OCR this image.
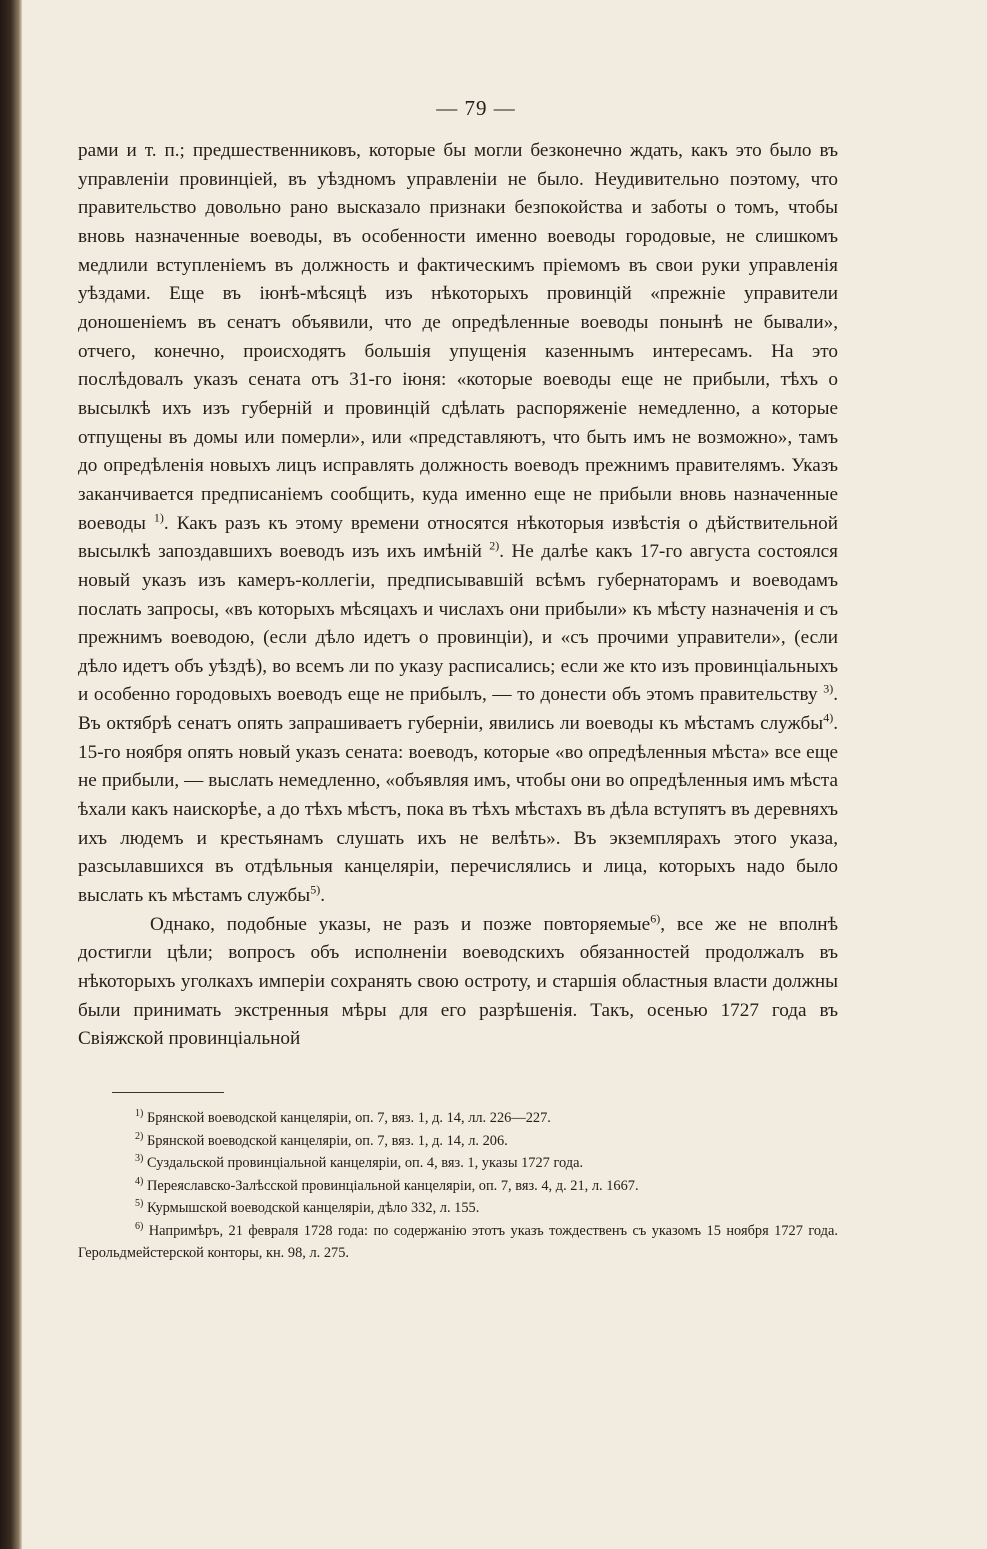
— 79 —

рами и т. п.; предшественниковъ, которые бы могли безконечно ждать, какъ это было въ управленіи провинціей, въ уѣздномъ управленіи не было. Неудивительно поэтому, что правительство довольно рано высказало признаки безпокойства и заботы о томъ, чтобы вновь назначенные воеводы, въ особенности именно воеводы городовые, не слишкомъ медлили вступленіемъ въ должность и фактическимъ пріемомъ въ свои руки управленія уѣздами. Еще въ іюнѣ-мѣсяцѣ изъ нѣкоторыхъ провинцій «прежніе управители доношеніемъ въ сенатъ объявили, что де опредѣленные воеводы понынѣ не бывали», отчего, конечно, происходятъ большія упущенія казеннымъ интересамъ. На это послѣдовалъ указъ сената отъ 31-го іюня: «которые воеводы еще не прибыли, тѣхъ о высылкѣ ихъ изъ губерній и провинцій сдѣлать распоряженіе немедленно, а которые отпущены въ домы или померли», или «представляютъ, что быть имъ не возможно», тамъ до опредѣленія новыхъ лицъ исправлять должность воеводъ прежнимъ правителямъ. Указъ заканчивается предписаніемъ сообщить, куда именно еще не прибыли вновь назначенные воеводы $^{1)}$. Какъ разъ къ этому времени относятся нѣкоторыя извѣстія о дѣйствительной высылкѣ запоздавшихъ воеводъ изъ ихъ имѣній $^{2)}$. Не далѣе какъ 17-го августа состоялся новый указъ изъ камеръ-коллегіи, предписывавшій всѣмъ губернаторамъ и воеводамъ послать запросы, «въ которыхъ мѣсяцахъ и числахъ они прибыли» къ мѣсту назначенія и съ прежнимъ воеводою, (если дѣло идетъ о провинціи), и «съ прочими управители», (если дѣло идетъ объ уѣздѣ), во всемъ ли по указу расписались; если же кто изъ провинціальныхъ и особенно городовыхъ воеводъ еще не прибылъ, — то донести объ этомъ правительству $^{3)}$. Въ октябрѣ сенатъ опять запрашиваетъ губерніи, явились ли воеводы къ мѣстамъ службы$^{4)}$. 15-го ноября опять новый указъ сената: воеводъ, которые «во опредѣленныя мѣста» все еще не прибыли, — выслать немедленно, «объявляя имъ, чтобы они во опредѣленныя имъ мѣста ѣхали какъ наискорѣе, а до тѣхъ мѣстъ, пока въ тѣхъ мѣстахъ въ дѣла вступятъ въ деревняхъ ихъ людемъ и крестьянамъ слушать ихъ не велѣть». Въ экземплярахъ этого указа, разсылавшихся въ отдѣльныя канцеляріи, перечислялись и лица, которыхъ надо было выслать къ мѣстамъ службы$^{5)}$.

Однако, подобные указы, не разъ и позже повторяемые$^{6)}$, все же не вполнѣ достигли цѣли; вопросъ объ исполненіи воеводскихъ обязанностей продолжалъ въ нѣкоторыхъ уголкахъ имперіи сохранять свою остроту, и старшія областныя власти должны были принимать экстренныя мѣры для его разрѣшенія. Такъ, осенью 1727 года въ Свіяжской провинціальной

$^{1)}$ Брянской воеводской канцеляріи, оп. 7, вяз. 1, д. 14, лл. 226—227.

$^{2)}$ Брянской воеводской канцеляріи, оп. 7, вяз. 1, д. 14, л. 206.

$^{3)}$ Суздальской провинціальной канцеляріи, оп. 4, вяз. 1, указы 1727 года.

$^{4)}$ Переяславско-Залѣсской провинціальной канцеляріи, оп. 7, вяз. 4, д. 21, л. 1667.

$^{5)}$ Курмышской воеводской канцеляріи, дѣло 332, л. 155.

$^{6)}$ Напримѣръ, 21 февраля 1728 года: по содержанію этотъ указъ тождественъ съ указомъ 15 ноября 1727 года. Герольдмейстерской конторы, кн. 98, л. 275.
